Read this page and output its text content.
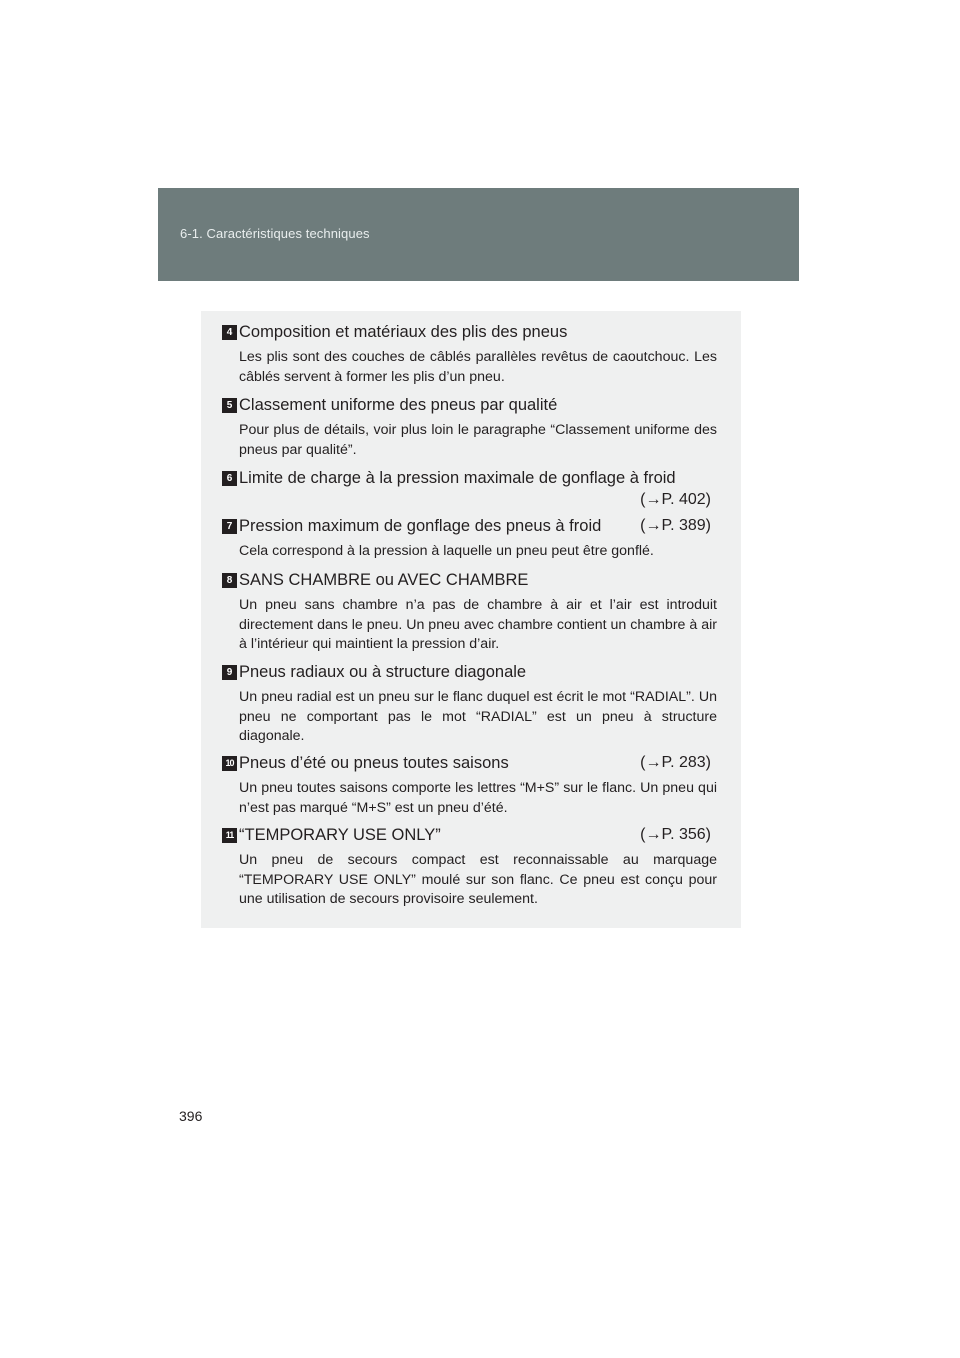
6-1. Caractéristiques techniques
4 Composition et matériaux des plis des pneus
Les plis sont des couches de câblés parallèles revêtus de caoutchouc. Les câblés servent à former les plis d’un pneu.
5 Classement uniforme des pneus par qualité
Pour plus de détails, voir plus loin le paragraphe “Classement uniforme des pneus par qualité”.
6 Limite de charge à la pression maximale de gonflage à froid
(→P. 402)
7 Pression maximum de gonflage des pneus à froid (→P. 389)
Cela correspond à la pression à laquelle un pneu peut être gonflé.
8 SANS CHAMBRE ou AVEC CHAMBRE
Un pneu sans chambre n’a pas de chambre à air et l’air est introduit directement dans le pneu. Un pneu avec chambre contient un chambre à air à l’intérieur qui maintient la pression d’air.
9 Pneus radiaux ou à structure diagonale
Un pneu radial est un pneu sur le flanc duquel est écrit le mot “RADIAL”. Un pneu ne comportant pas le mot “RADIAL” est un pneu à structure diagonale.
10 Pneus d’été ou pneus toutes saisons	(→P. 283)
Un pneu toutes saisons comporte les lettres “M+S” sur le flanc. Un pneu qui n’est pas marqué “M+S” est un pneu d’été.
11 “TEMPORARY USE ONLY”	(→P. 356)
Un pneu de secours compact est reconnaissable au marquage “TEMPORARY USE ONLY” moulé sur son flanc. Ce pneu est conçu pour une utilisation de secours provisoire seulement.
396
